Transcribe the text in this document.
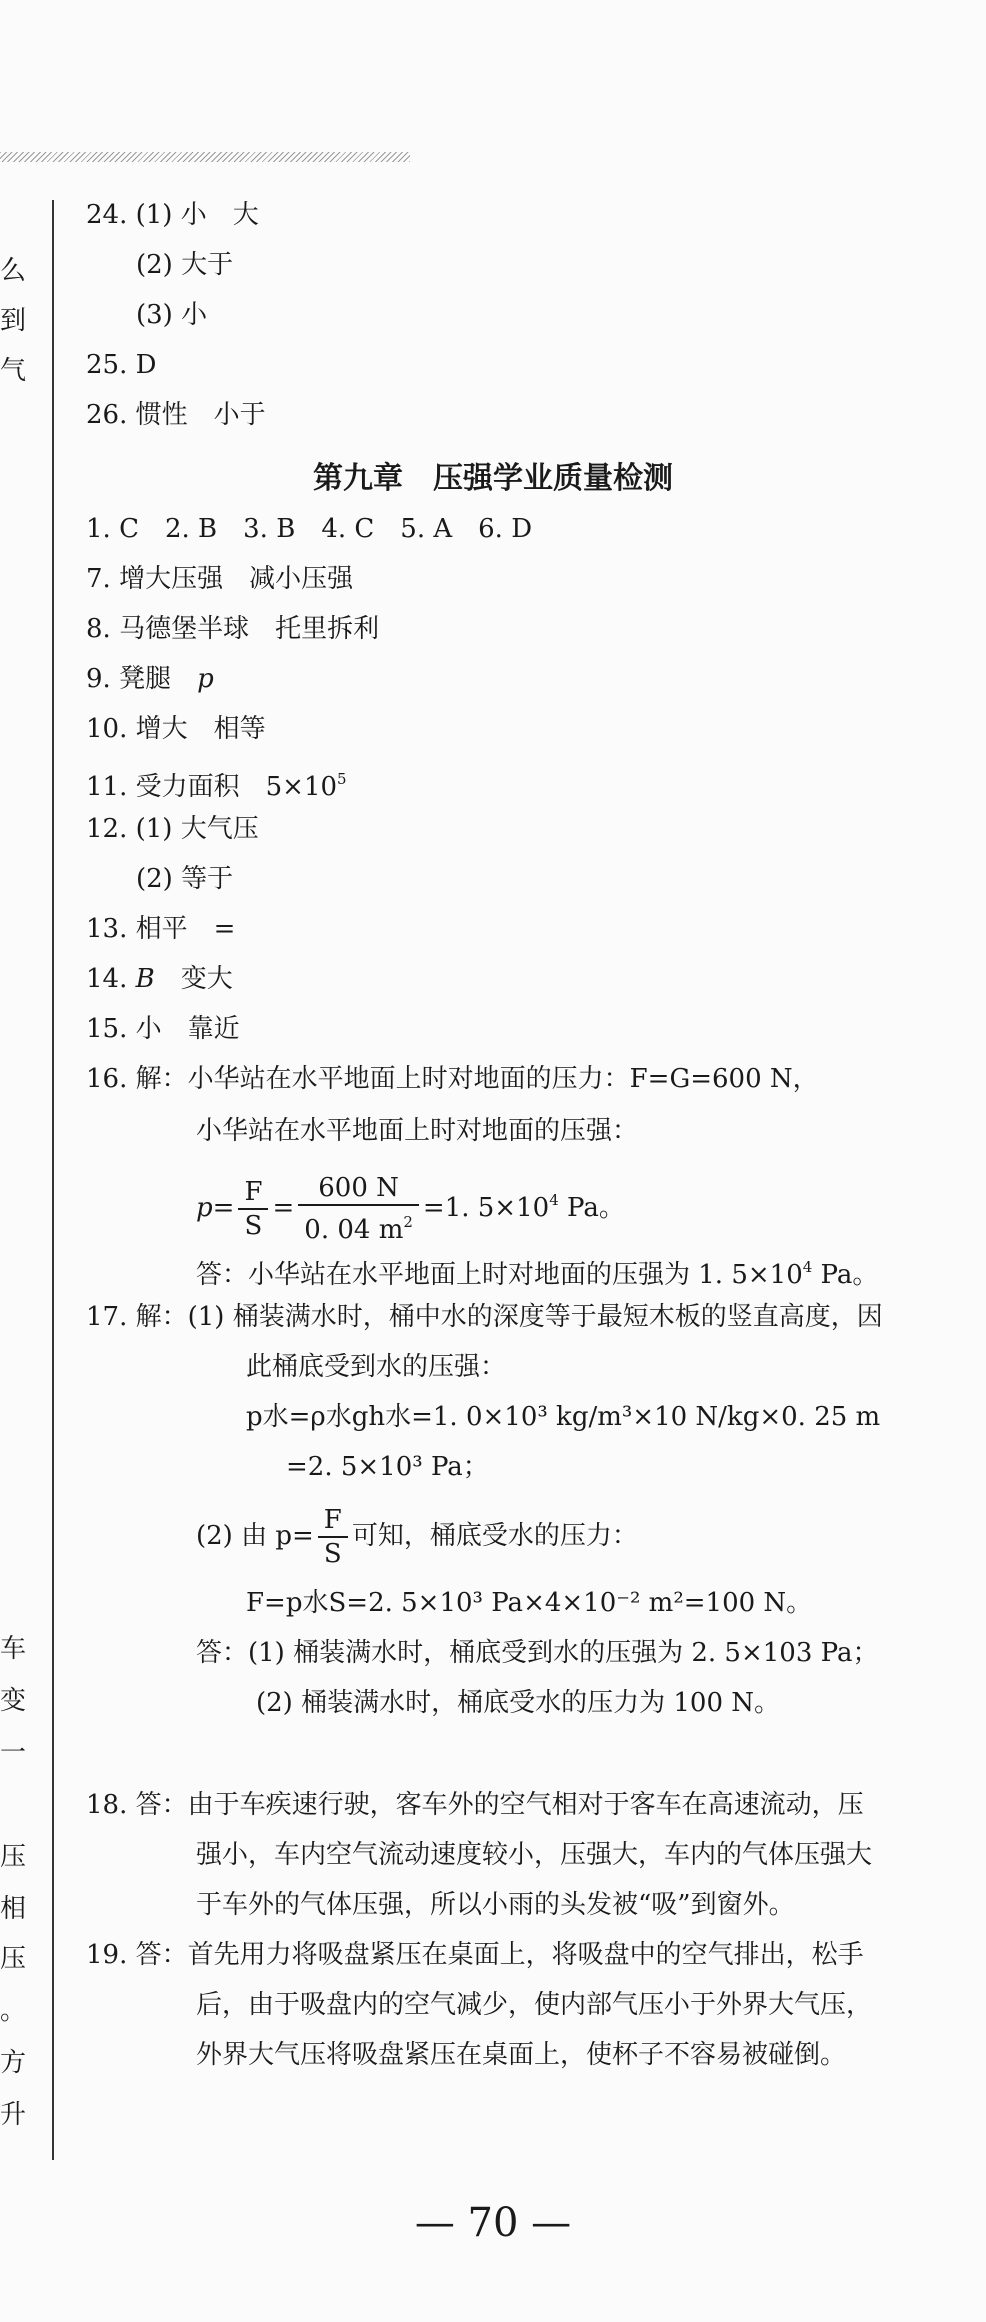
么
到
气
车
变
一
压
相
压
。
方
升
24. (1) 小　大
(2) 大于
(3) 小
25. D
26. 惯性　小于
第九章　压强学业质量检测
1. C　2. B　3. B　4. C　5. A　6. D
7. 增大压强　减小压强
8. 马德堡半球　托里拆利
9. 凳腿　 p
10. 增大　相等
11. 受力面积　$5\times 10^5$
12. (1) 大气压
(2) 等于
13. 相平　=
14. B　 变大
15. 小　靠近
16. 解：小华站在水平地面上时对地面的压力：F=G=600 N，
小华站在水平地面上时对地面的压强：
$p= \frac{F}{S} = \frac{600 N}{0. 04 m^2} =1$. $5\times 10^4$ Pa。
答：小华站在水平地面上时对地面的压强为 1. $5\times 10^4$ Pa。
17. 解：(1) 桶装满水时，桶中水的深度等于最短木板的竖直高度，因
此桶底受到水的压强：
p水=ρ水gh水=1. 0×10³ kg/m³×10 N/kg×0. 25 m
=2. 5×10³ Pa；
(2) 由 $p= \frac{F}{S}$ 可知，桶底受水的压力：
F=p水S=2. 5×10³ Pa×4×10⁻² m²=100 N。
答：(1) 桶装满水时，桶底受到水的压强为 2. 5×103 Pa；
(2) 桶装满水时，桶底受水的压力为 100 N。
18. 答：由于车疾速行驶，客车外的空气相对于客车在高速流动，压
强小，车内空气流动速度较小，压强大，车内的气体压强大
于车外的气体压强，所以小雨的头发被“吸”到窗外。
19. 答：首先用力将吸盘紧压在桌面上，将吸盘中的空气排出，松手
后，由于吸盘内的空气减少，使内部气压小于外界大气压，
外界大气压将吸盘紧压在桌面上，使杯子不容易被碰倒。
— 70 —
